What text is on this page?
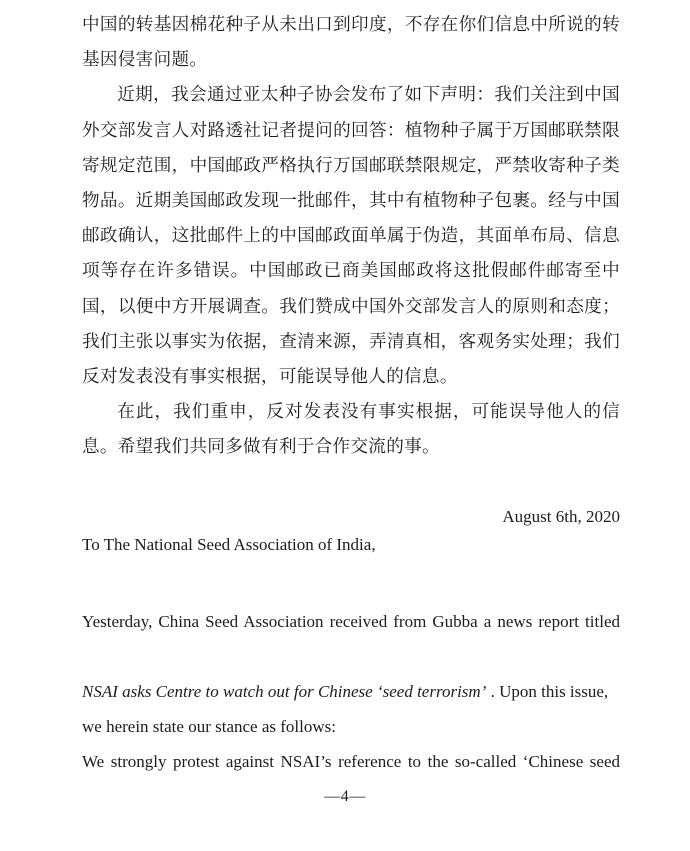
中国的转基因棉花种子从未出口到印度，不存在你们信息中所说的转基因侵害问题。

近期，我会通过亚太种子协会发布了如下声明：我们关注到中国外交部发言人对路透社记者提问的回答：植物种子属于万国邮联禁限寄规定范围，中国邮政严格执行万国邮联禁限规定，严禁收寄种子类物品。近期美国邮政发现一批邮件，其中有植物种子包裹。经与中国邮政确认，这批邮件上的中国邮政面单属于伪造，其面单布局、信息项等存在许多错误。中国邮政已商美国邮政将这批假邮件邮寄至中国，以便中方开展调查。我们赞成中国外交部发言人的原则和态度；我们主张以事实为依据，查清来源，弄清真相，客观务实处理；我们反对发表没有事实根据，可能误导他人的信息。

在此，我们重申，反对发表没有事实根据，可能误导他人的信息。希望我们共同多做有利于合作交流的事。

August 6th, 2020
To The National Seed Association of India,

Yesterday, China Seed Association received from Gubba a news report titled

NSAI asks Centre to watch out for Chinese ‘seed terrorism’ . Upon this issue,

we herein state our stance as follows:

We strongly protest against NSAI’s reference to the so-called ‘Chinese seed

—4—
